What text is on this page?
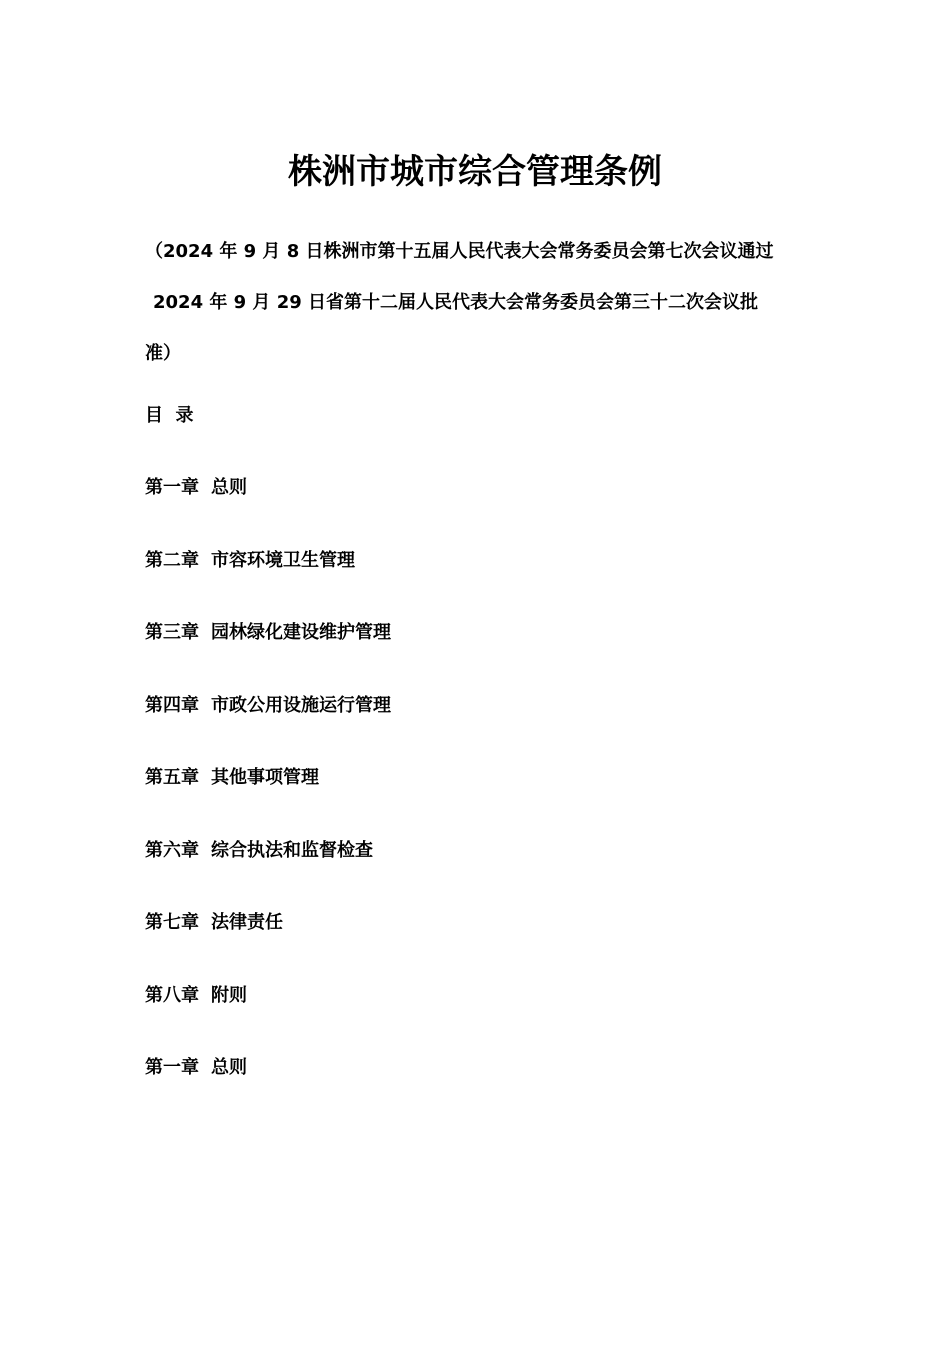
株洲市城市综合管理条例
（2024 年 9 月 8 日株洲市第十五届人民代表大会常务委员会第七次会议通过
2024 年 9 月 29 日省第十二届人民代表大会常务委员会第三十二次会议批
准）
目  录
第一章 总则
第二章 市容环境卫生管理
第三章 园林绿化建设维护管理
第四章 市政公用设施运行管理
第五章 其他事项管理
第六章 综合执法和监督检查
第七章 法律责任
第八章 附则
第一章 总则
